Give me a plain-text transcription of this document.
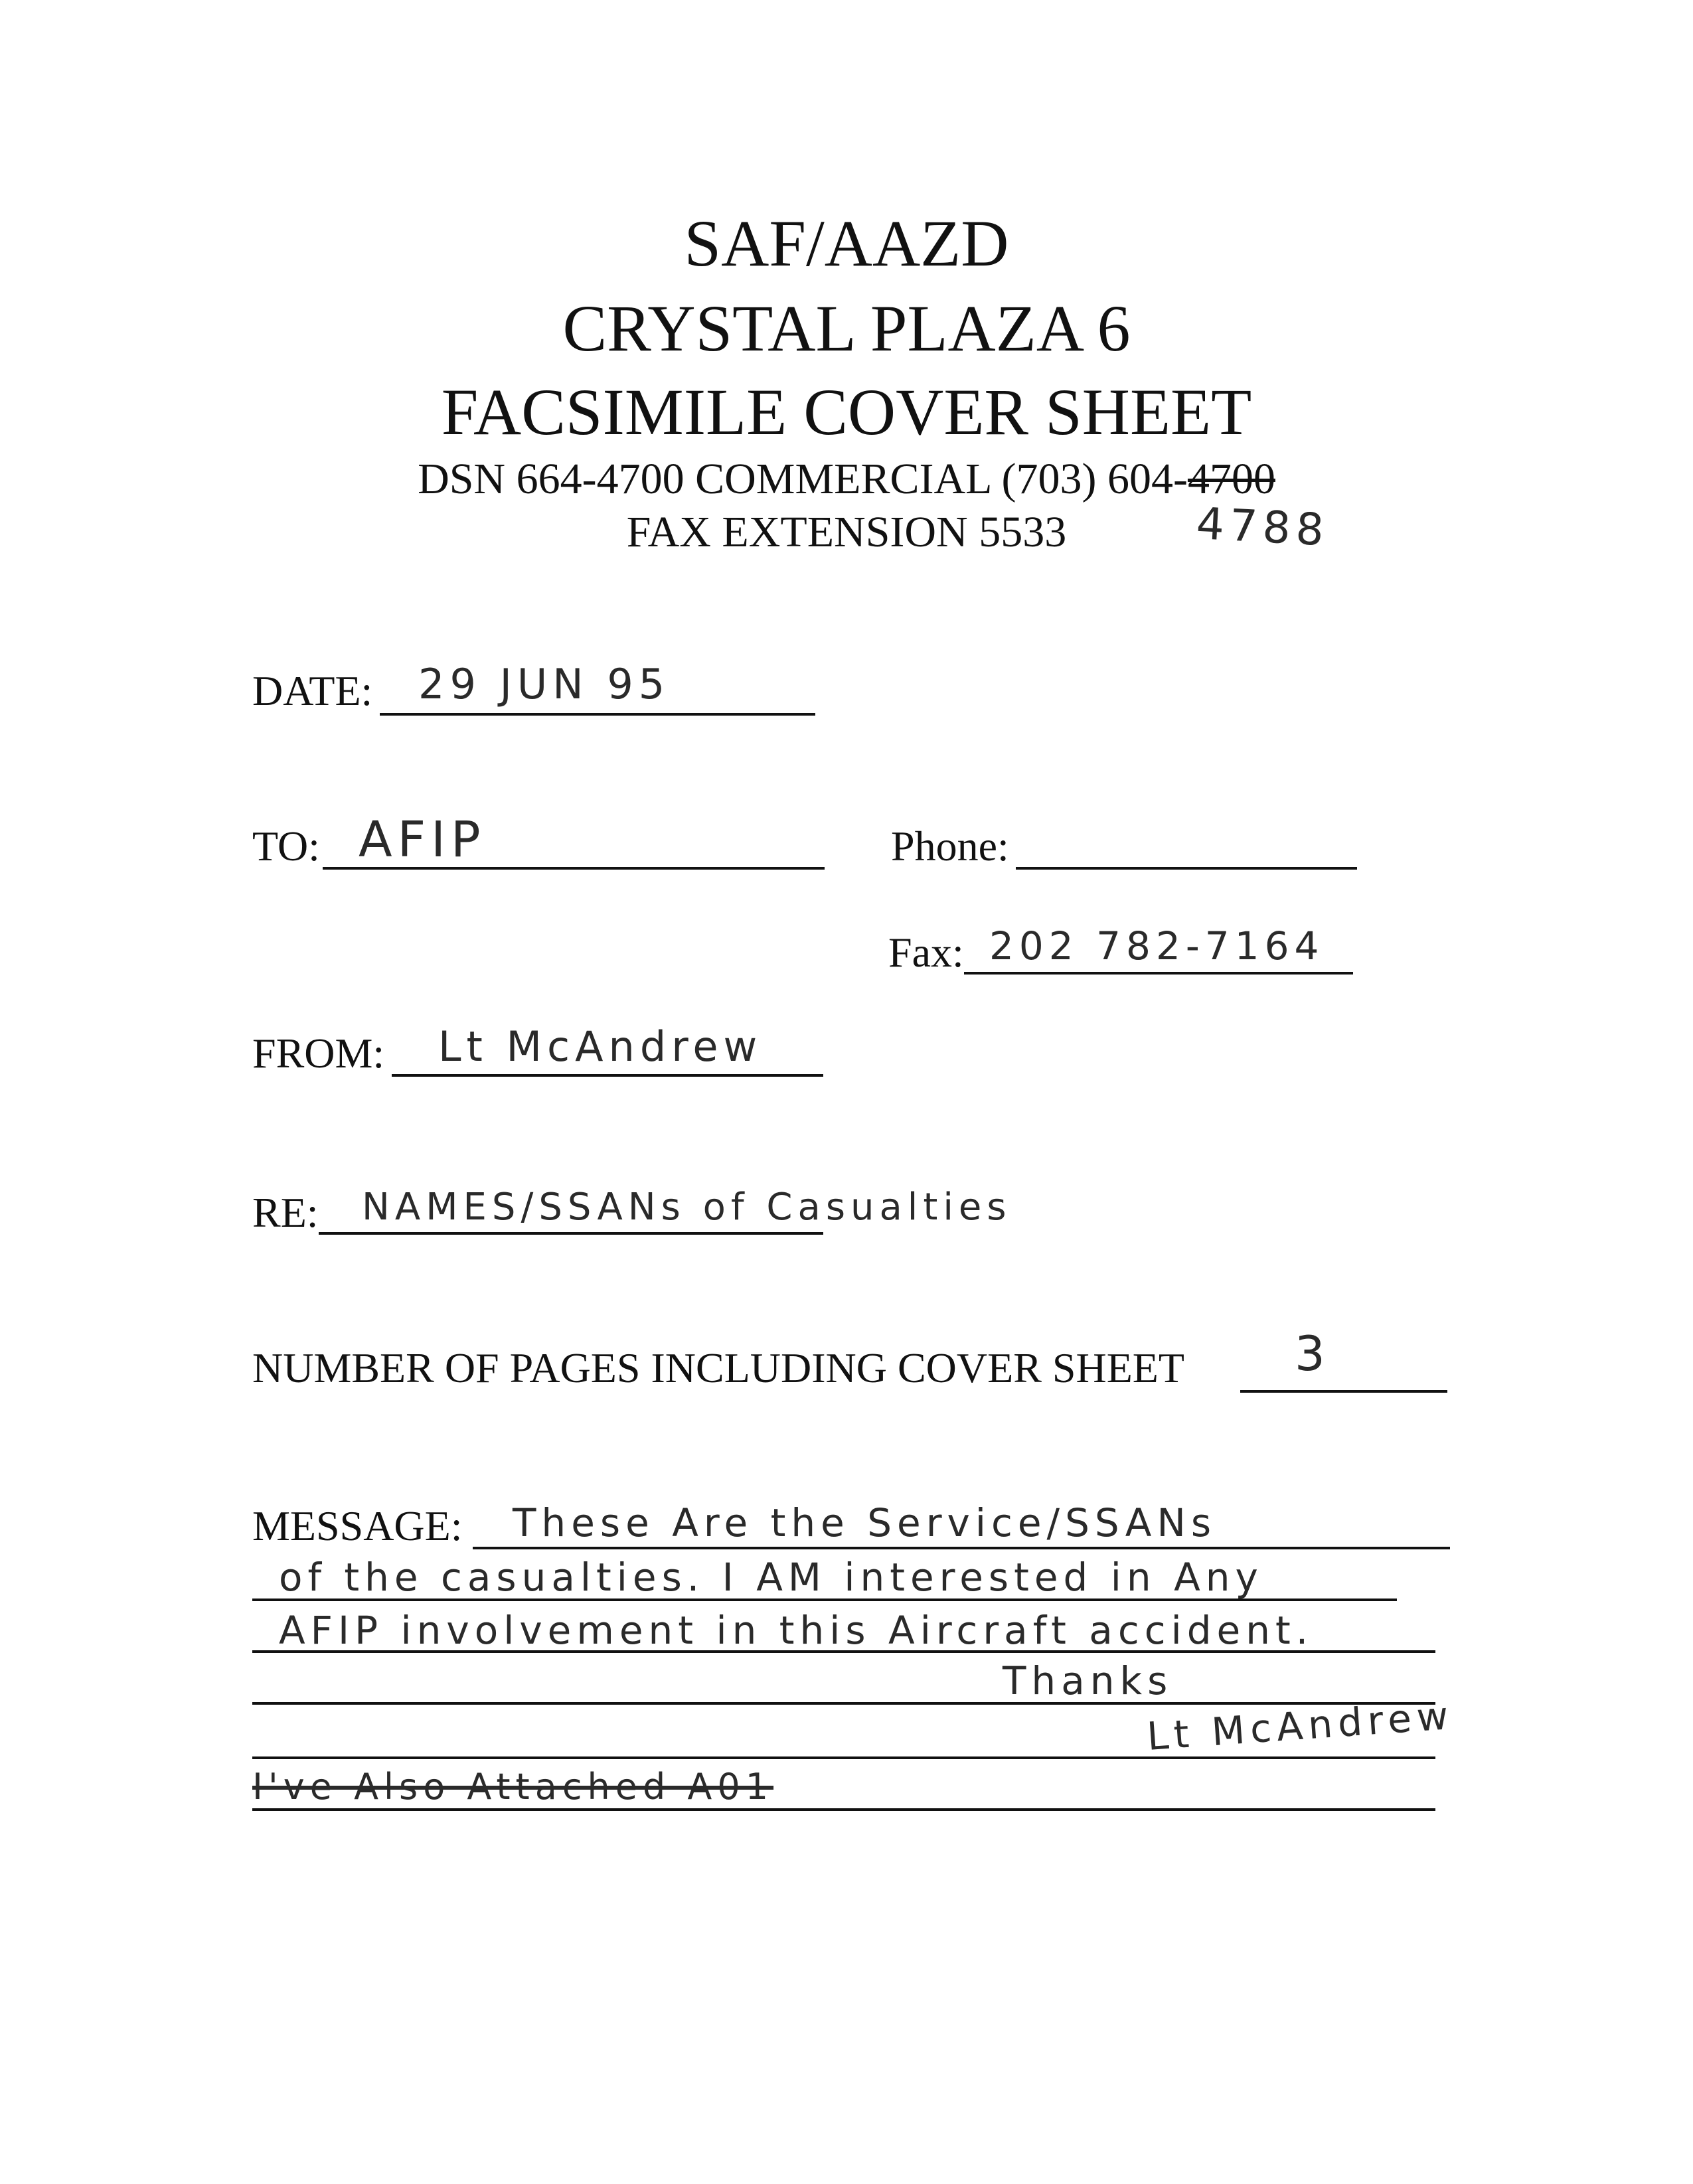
SAF/AAZD
CRYSTAL PLAZA 6
FACSIMILE COVER SHEET
DSN 664-4700 COMMERCIAL (703) 604-4700
FAX EXTENSION 5533	4788
DATE: 29 JUN 95
TO: AFIP	Phone:
Fax: 202 782-7164
FROM: Lt McAndrew
RE: NAMES/SSANs of Casualties
NUMBER OF PAGES INCLUDING COVER SHEET 3
MESSAGE: These Are the Service/SSANs
of the casualties. I AM interested in Any
AFIP involvement in this Aircraft accident.
Thanks
Lt McAndrew
I've Also Attached A01
